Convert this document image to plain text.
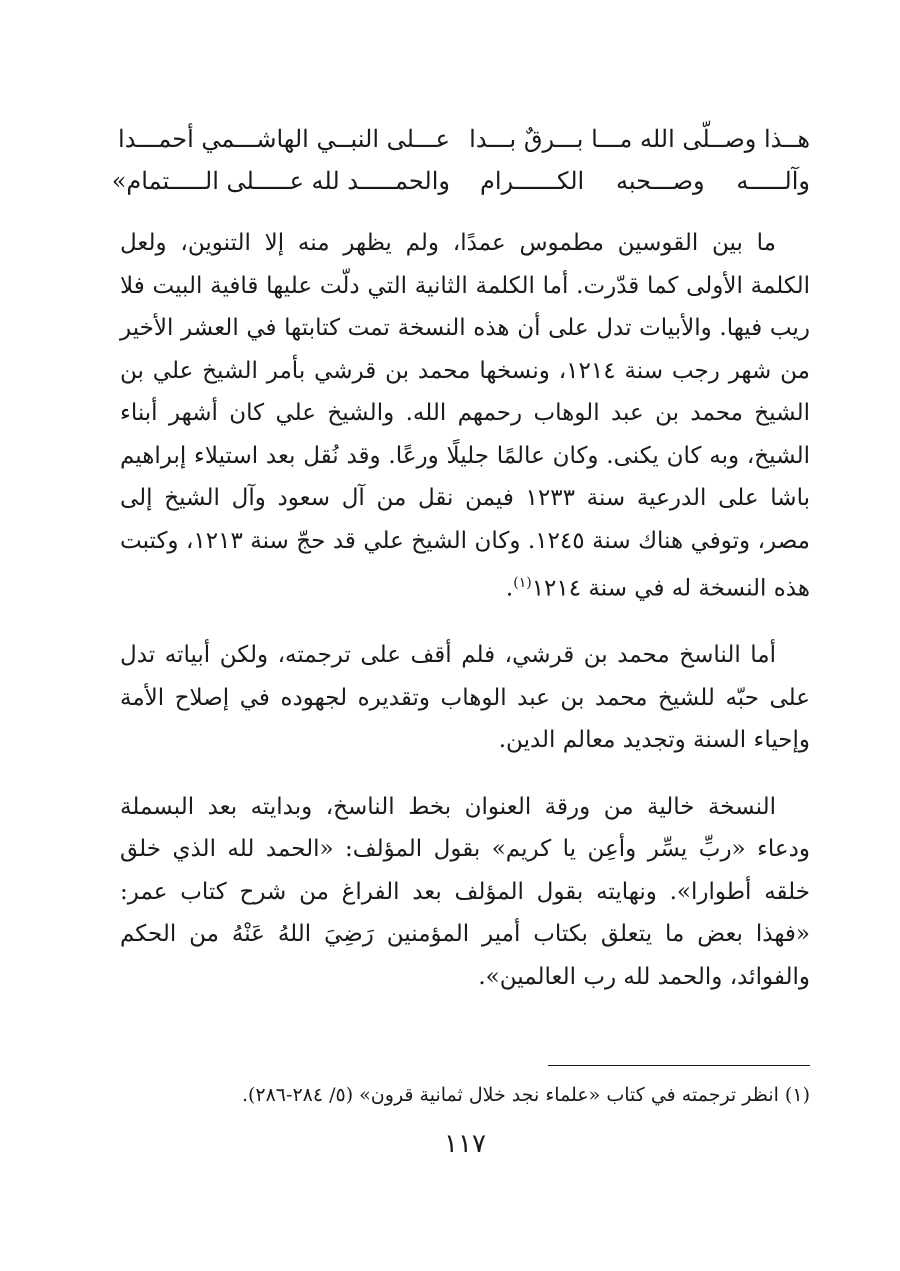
هــذا وصــلّى الله مـــا بـــرقٌ بـــدا
عـــلى النبــي الهاشـــمي أحمـــدا
وآلـــــه وصـــحبه الكــــــرام
والحمـــــد لله عـــــلى الـــــتمام»

ما بين القوسين مطموس عمدًا، ولم يظهر منه إلا التنوين، ولعل الكلمة الأولى كما قدّرت. أما الكلمة الثانية التي دلّت عليها قافية البيت فلا ريب فيها. والأبيات تدل على أن هذه النسخة تمت كتابتها في العشر الأخير من شهر رجب سنة ١٢١٤، ونسخها محمد بن قرشي بأمر الشيخ علي بن الشيخ محمد بن عبد الوهاب رحمهم الله. والشيخ علي كان أشهر أبناء الشيخ، وبه كان يكنى. وكان عالمًا جليلًا ورعًا. وقد نُقل بعد استيلاء إبراهيم باشا على الدرعية سنة ١٢٣٣ فيمن نقل من آل سعود وآل الشيخ إلى مصر، وتوفي هناك سنة ١٢٤٥. وكان الشيخ علي قد حجّ سنة ١٢١٣، وكتبت هذه النسخة له في سنة ١٢١٤$^{(١)}$.

أما الناسخ محمد بن قرشي، فلم أقف على ترجمته، ولكن أبياته تدل على حبّه للشيخ محمد بن عبد الوهاب وتقديره لجهوده في إصلاح الأمة وإحياء السنة وتجديد معالم الدين.

النسخة خالية من ورقة العنوان بخط الناسخ، وبدايته بعد البسملة ودعاء «ربِّ يسِّر وأعِن يا كريم» بقول المؤلف: «الحمد لله الذي خلق خلقه أطوارا». ونهايته بقول المؤلف بعد الفراغ من شرح كتاب عمر: «فهذا بعض ما يتعلق بكتاب أمير المؤمنين رَضِيَ اللهُ عَنْهُ من الحكم والفوائد، والحمد لله رب العالمين».

(١) انظر ترجمته في كتاب «علماء نجد خلال ثمانية قرون» (٥/ ٢٨٤-٢٨٦).
١١٧
